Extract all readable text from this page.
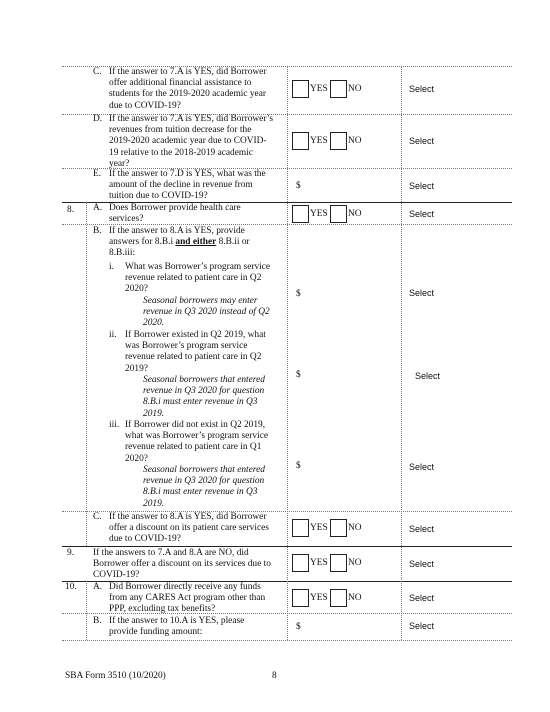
C. If the answer to 7.A is YES, did Borrower
offer additional financial assistance to
students for the 2019-2020 academic year
due to COVID-19?
D. If the answer to 7.A is YES, did Borrower’s
revenues from tuition decrease for the
2019-2020 academic year due to COVID-
19 relative to the 2018-2019 academic
year?
E. If the answer to 7.D is YES, what was the
amount of the decline in revenue from
tuition due to COVID-19?
8. A. Does Borrower provide health care
services?
B. If the answer to 8.A is YES, provide
answers for 8.B.i and either 8.B.ii or
8.B.iii:
i. What was Borrower’s program service
revenue related to patient care in Q2
2020?
Seasonal borrowers may enter
revenue in Q3 2020 instead of Q2
2020.
ii. If Borrower existed in Q2 2019, what
was Borrower’s program service
revenue related to patient care in Q2
2019?
Seasonal borrowers that entered
revenue in Q3 2020 for question
8.B.i must enter revenue in Q3
2019.
iii. If Borrower did not exist in Q2 2019,
what was Borrower’s program service
revenue related to patient care in Q1
2020?
Seasonal borrowers that entered
revenue in Q3 2020 for question
8.B.i must enter revenue in Q3
2019.
C. If the answer to 8.A is YES, did Borrower
offer a discount on its patient care services
due to COVID-19?
9. If the answers to 7.A and 8.A are NO, did
Borrower offer a discount on its services due to
COVID-19?
10. A. Did Borrower directly receive any funds
from any CARES Act program other than
PPP, excluding tax benefits?
B. If the answer to 10.A is YES, please
provide funding amount:
YES NO
YES NO
YES NO
YES NO
YES NO
YES NO
$
$
$
$
$
Select
Select
Select
Select
Select
Select
Select
Select
Select
Select
Select
SBA Form 3510 (10/2020)	8
